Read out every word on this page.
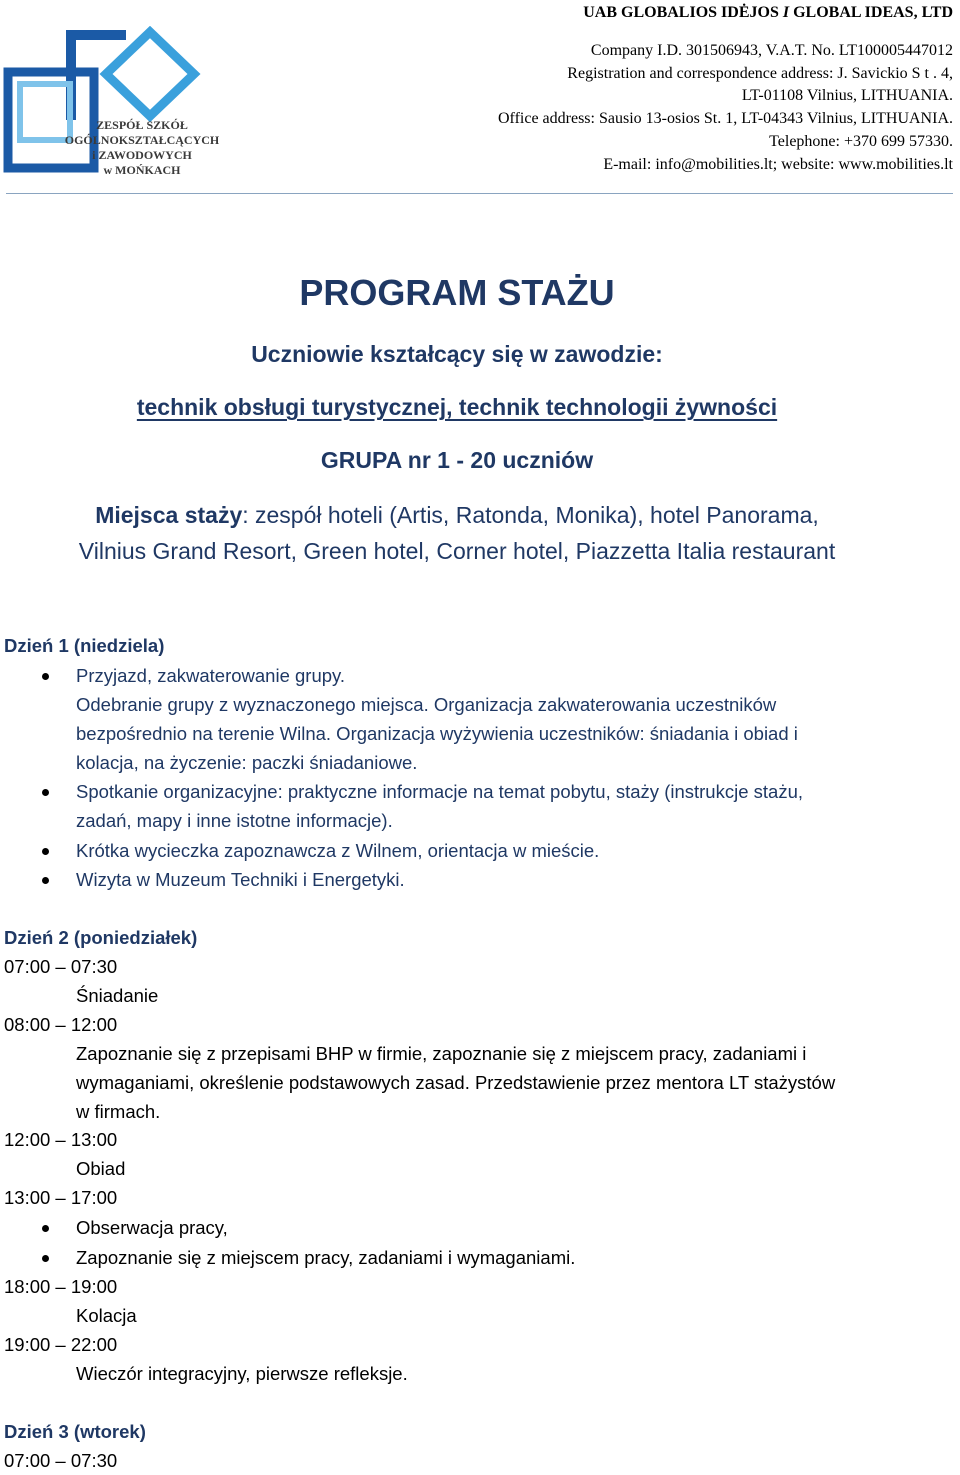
ZESPÓŁ SZKÓŁ
OGÓLNOKSZTAŁCĄCYCH
i ZAWODOWYCH
w MOŃKACH
UAB GLOBALIOS IDĖJOS I GLOBAL IDEAS, LTD
Company I.D. 301506943, V.A.T. No. LT100005447012
Registration and correspondence address: J. Savickio S t . 4,
LT-01108 Vilnius, LITHUANIA.
Office address: Sausio 13-osios St. 1, LT-04343 Vilnius, LITHUANIA.
Telephone: +370 699 57330.
E-mail: info@mobilities.lt; website: www.mobilities.lt
PROGRAM STAŻU
Uczniowie kształcący się w zawodzie:
technik obsługi turystycznej, technik technologii żywności
GRUPA nr 1 - 20 uczniów
Miejsca staży: zespół hoteli (Artis, Ratonda, Monika), hotel Panorama,
Vilnius Grand Resort, Green hotel, Corner hotel, Piazzetta Italia restaurant
Dzień 1 (niedziela)
Przyjazd, zakwaterowanie grupy.
Odebranie grupy z wyznaczonego miejsca. Organizacja zakwaterowania uczestników
bezpośrednio na terenie Wilna. Organizacja wyżywienia uczestników: śniadania i obiad i
kolacja, na życzenie: paczki śniadaniowe.
Spotkanie organizacyjne: praktyczne informacje na temat pobytu, staży (instrukcje stażu,
zadań, mapy i inne istotne informacje).
Krótka wycieczka zapoznawcza z Wilnem, orientacja w mieście.
Wizyta w Muzeum Techniki i Energetyki.
Dzień 2 (poniedziałek)
07:00 – 07:30
Śniadanie
08:00 – 12:00
Zapoznanie się z przepisami BHP w firmie, zapoznanie się z miejscem pracy, zadaniami i
wymaganiami, określenie podstawowych zasad. Przedstawienie przez mentora LT stażystów
w firmach.
12:00 – 13:00
Obiad
13:00 – 17:00
Obserwacja pracy,
Zapoznanie się z miejscem pracy, zadaniami i wymaganiami.
18:00 – 19:00
Kolacja
19:00 – 22:00
Wieczór integracyjny, pierwsze refleksje.
Dzień 3 (wtorek)
07:00 – 07:30
